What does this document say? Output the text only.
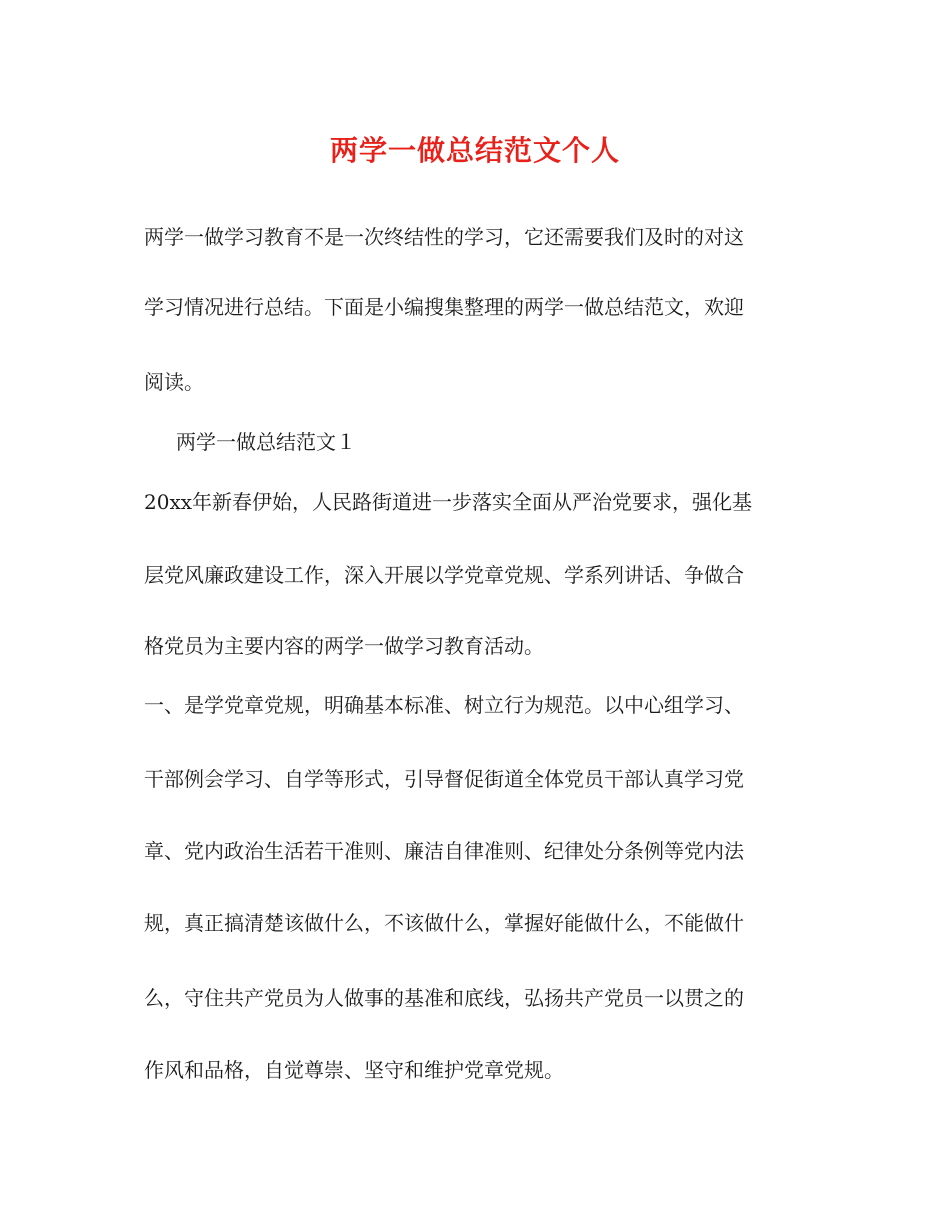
两学一做总结范文个人
两学一做学习教育不是一次终结性的学习，它还需要我们及时的对这
学习情况进行总结。下面是小编搜集整理的两学一做总结范文，欢迎
阅读。
两学一做总结范文１
20xx年新春伊始，人民路街道进一步落实全面从严治党要求，强化基
层党风廉政建设工作，深入开展以学党章党规、学系列讲话、争做合
格党员为主要内容的两学一做学习教育活动。
一、是学党章党规，明确基本标准、树立行为规范。以中心组学习、
干部例会学习、自学等形式，引导督促街道全体党员干部认真学习党
章、党内政治生活若干准则、廉洁自律准则、纪律处分条例等党内法
规，真正搞清楚该做什么，不该做什么，掌握好能做什么，不能做什
么，守住共产党员为人做事的基准和底线，弘扬共产党员一以贯之的
作风和品格，自觉尊崇、坚守和维护党章党规。
